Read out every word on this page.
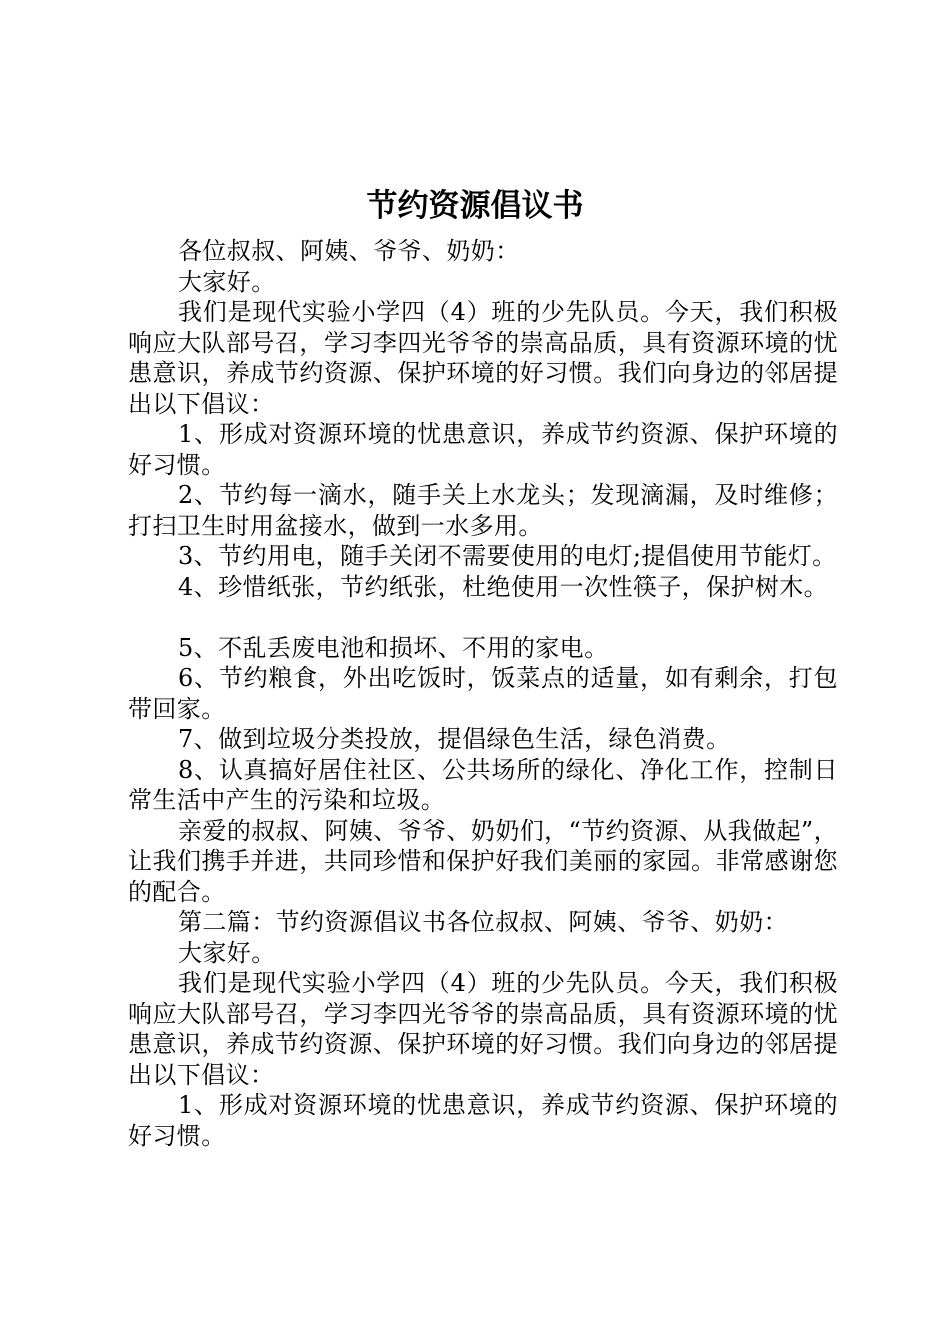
节约资源倡议书

各位叔叔、阿姨、爷爷、奶奶：

大家好。

我们是现代实验小学四（4）班的少先队员。今天，我们积极响应大队部号召，学习李四光爷爷的崇高品质，具有资源环境的忧患意识，养成节约资源、保护环境的好习惯。我们向身边的邻居提出以下倡议：

1、形成对资源环境的忧患意识，养成节约资源、保护环境的好习惯。

2、节约每一滴水，随手关上水龙头；发现滴漏，及时维修；打扫卫生时用盆接水，做到一水多用。

3、节约用电，随手关闭不需要使用的电灯;提倡使用节能灯。

4、珍惜纸张，节约纸张，杜绝使用一次性筷子，保护树木。

5、不乱丢废电池和损坏、不用的家电。

6、节约粮食，外出吃饭时，饭菜点的适量，如有剩余，打包带回家。

7、做到垃圾分类投放，提倡绿色生活，绿色消费。

8、认真搞好居住社区、公共场所的绿化、净化工作，控制日常生活中产生的污染和垃圾。

亲爱的叔叔、阿姨、爷爷、奶奶们，“节约资源、从我做起”，让我们携手并进，共同珍惜和保护好我们美丽的家园。非常感谢您的配合。

第二篇：节约资源倡议书各位叔叔、阿姨、爷爷、奶奶：

大家好。

我们是现代实验小学四（4）班的少先队员。今天，我们积极响应大队部号召，学习李四光爷爷的崇高品质，具有资源环境的忧患意识，养成节约资源、保护环境的好习惯。我们向身边的邻居提出以下倡议：

1、形成对资源环境的忧患意识，养成节约资源、保护环境的好习惯。
